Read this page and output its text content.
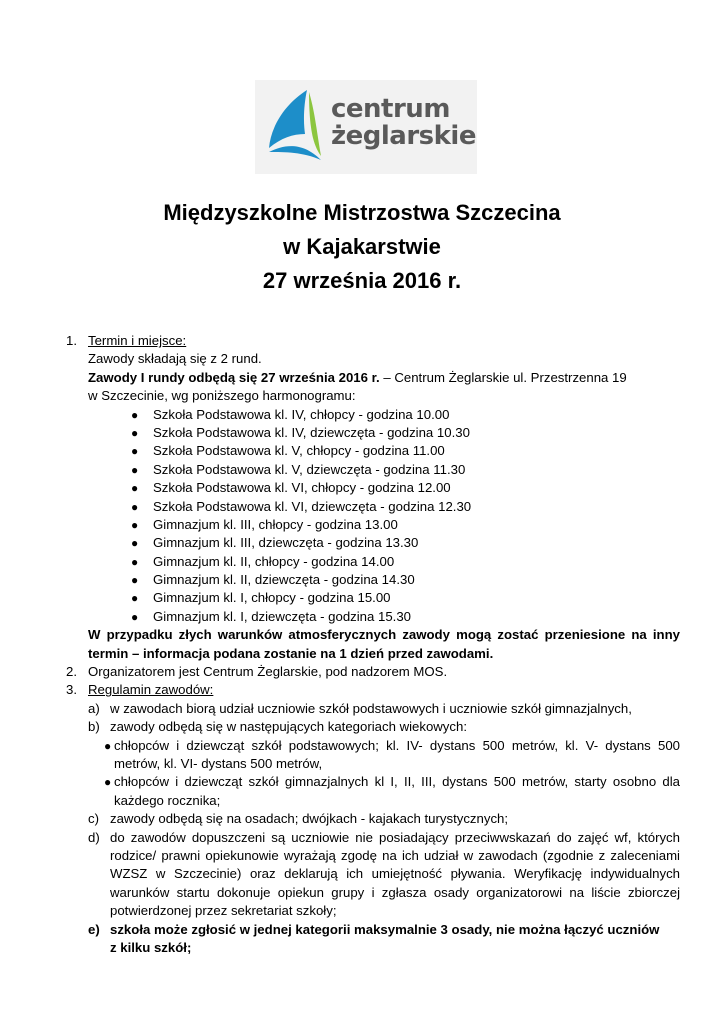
centrum
żeglarskie
Międzyszkolne Mistrzostwa Szczecina
w Kajakarstwie
27 września 2016 r.
1. Termin i miejsce:
Zawody składają się z 2 rund.
Zawody I rundy odbędą się 27 września 2016 r. – Centrum Żeglarskie ul. Przestrzenna 19
w Szczecinie, wg poniższego harmonogramu:
● Szkoła Podstawowa kl. IV, chłopcy - godzina 10.00
● Szkoła Podstawowa kl. IV, dziewczęta - godzina 10.30
● Szkoła Podstawowa kl. V, chłopcy - godzina 11.00
● Szkoła Podstawowa kl. V, dziewczęta - godzina 11.30
● Szkoła Podstawowa kl. VI, chłopcy - godzina 12.00
● Szkoła Podstawowa kl. VI, dziewczęta - godzina 12.30
● Gimnazjum kl. III, chłopcy - godzina 13.00
● Gimnazjum kl. III, dziewczęta - godzina 13.30
● Gimnazjum kl. II, chłopcy - godzina 14.00
● Gimnazjum kl. II, dziewczęta - godzina 14.30
● Gimnazjum kl. I, chłopcy - godzina 15.00
● Gimnazjum kl. I, dziewczęta - godzina 15.30
W przypadku złych warunków atmosferycznych zawody mogą zostać przeniesione na inny
termin – informacja podana zostanie na 1 dzień przed zawodami.
2. Organizatorem jest Centrum Żeglarskie, pod nadzorem MOS.
3. Regulamin zawodów:
a) w zawodach biorą udział uczniowie szkół podstawowych i uczniowie szkół gimnazjalnych,
b) zawody odbędą się w następujących kategoriach wiekowych:
● chłopców i dziewcząt szkół podstawowych; kl. IV- dystans 500 metrów, kl. V- dystans 500
metrów, kl. VI- dystans 500 metrów,
● chłopców i dziewcząt szkół gimnazjalnych kl I, II, III, dystans 500 metrów, starty osobno dla
każdego rocznika;
c) zawody odbędą się na osadach; dwójkach - kajakach turystycznych;
d) do zawodów dopuszczeni są uczniowie nie posiadający przeciwwskazań do zajęć wf, których
rodzice/ prawni opiekunowie wyrażają zgodę na ich udział w zawodach (zgodnie z zaleceniami
WZSZ w Szczecinie) oraz deklarują ich umiejętność pływania. Weryfikację indywidualnych
warunków startu dokonuje opiekun grupy i zgłasza osady organizatorowi na liście zbiorczej
potwierdzonej przez sekretariat szkoły;
e) szkoła może zgłosić w jednej kategorii maksymalnie 3 osady, nie można łączyć uczniów
z kilku szkół;
